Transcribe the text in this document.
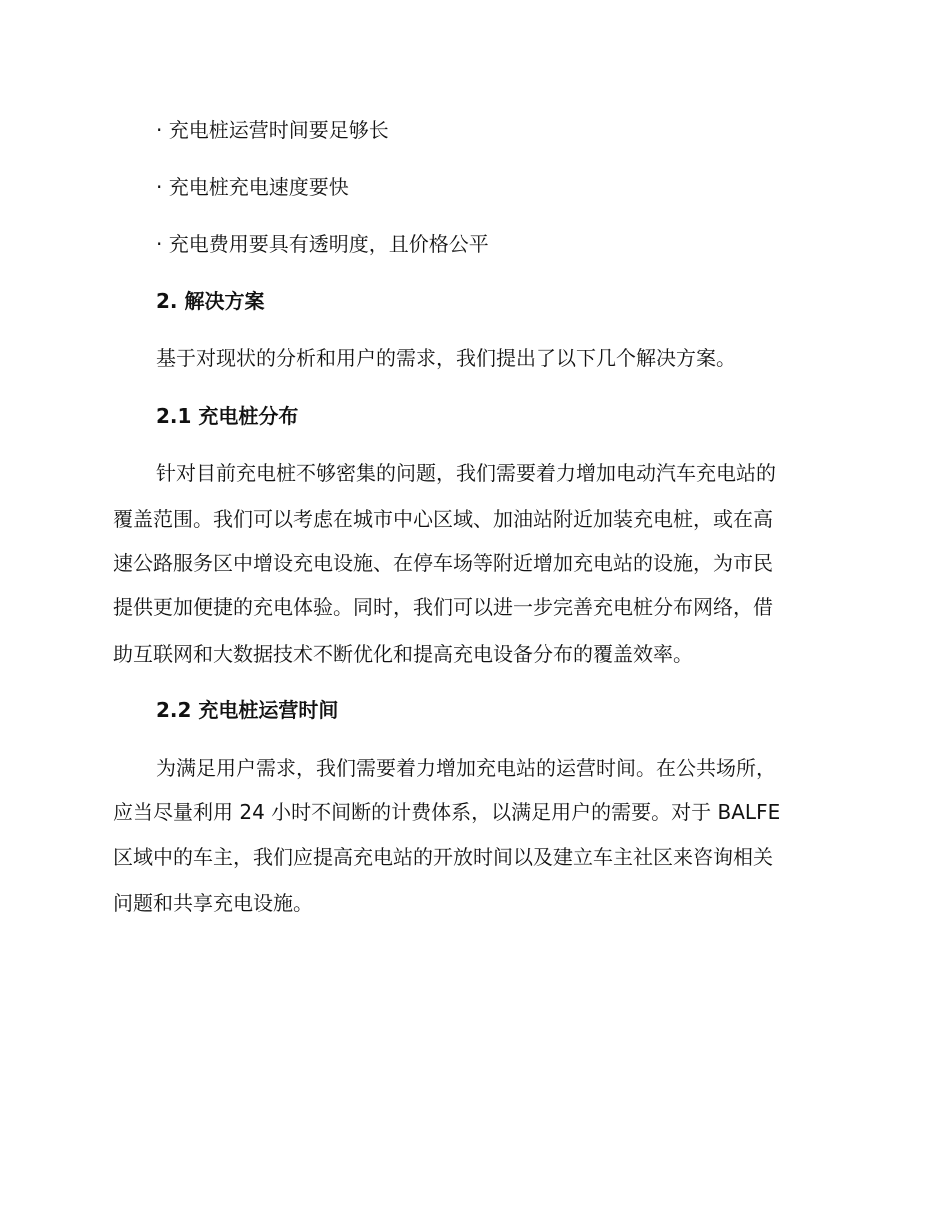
· 充电桩运营时间要足够长

· 充电桩充电速度要快

· 充电费用要具有透明度，且价格公平

2. 解决方案

基于对现状的分析和用户的需求，我们提出了以下几个解决方案。

2.1 充电桩分布

针对目前充电桩不够密集的问题，我们需要着力增加电动汽车充电站的

覆盖范围。我们可以考虑在城市中心区域、加油站附近加装充电桩，或在高

速公路服务区中增设充电设施、在停车场等附近增加充电站的设施，为市民

提供更加便捷的充电体验。同时，我们可以进一步完善充电桩分布网络，借

助互联网和大数据技术不断优化和提高充电设备分布的覆盖效率。

2.2 充电桩运营时间

为满足用户需求，我们需要着力增加充电站的运营时间。在公共场所，

应当尽量利用 24 小时不间断的计费体系，以满足用户的需要。对于 BALFE

区域中的车主，我们应提高充电站的开放时间以及建立车主社区来咨询相关

问题和共享充电设施。
